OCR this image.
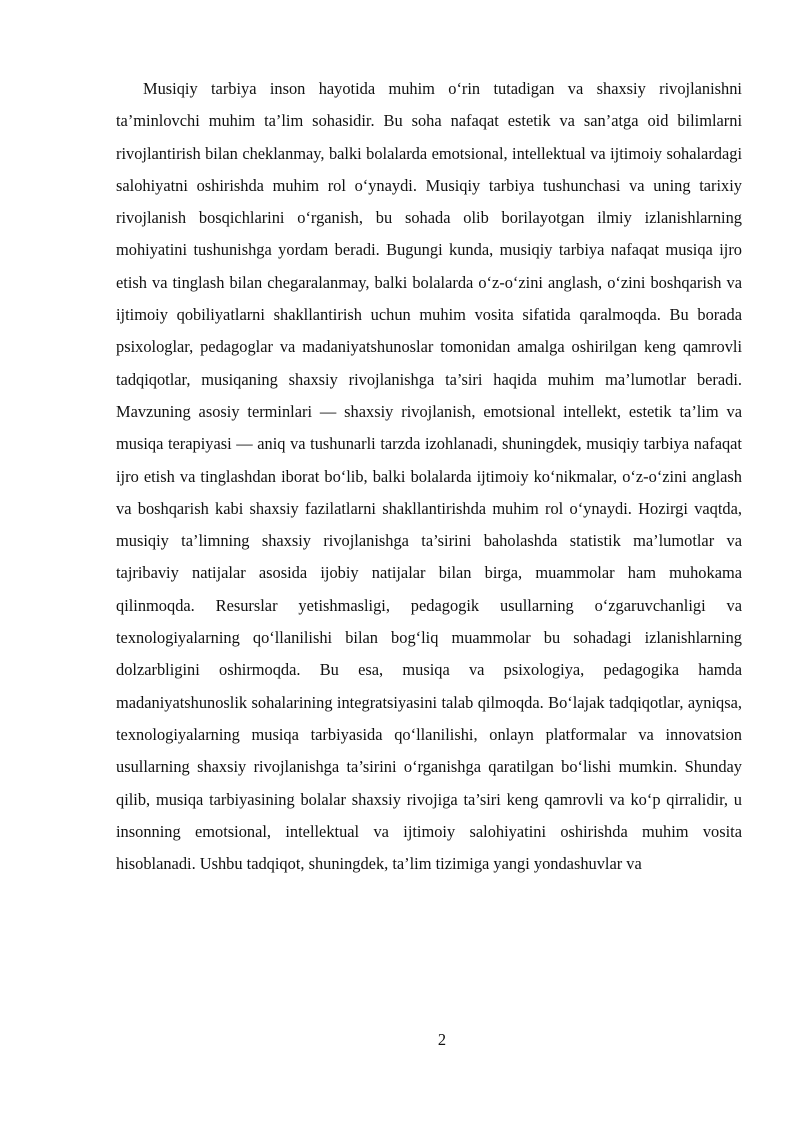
Musiqiy tarbiya inson hayotida muhim o‘rin tutadigan va shaxsiy rivojlanishni ta’minlovchi muhim ta’lim sohasidir. Bu soha nafaqat estetik va san’atga oid bilimlarni rivojlantirish bilan cheklanmay, balki bolalarda emotsional, intellektual va ijtimoiy sohalardagi salohiyatni oshirishda muhim rol o‘ynaydi. Musiqiy tarbiya tushunchasi va uning tarixiy rivojlanish bosqichlarini o‘rganish, bu sohada olib borilayotgan ilmiy izlanishlarning mohiyatini tushunishga yordam beradi. Bugungi kunda, musiqiy tarbiya nafaqat musiqa ijro etish va tinglash bilan chegaralanmay, balki bolalarda o‘z-o‘zini anglash, o‘zini boshqarish va ijtimoiy qobiliyatlarni shakllantirish uchun muhim vosita sifatida qaralmoqda. Bu borada psixologlar, pedagoglar va madaniyatshunoslar tomonidan amalga oshirilgan keng qamrovli tadqiqotlar, musiqaning shaxsiy rivojlanishga ta’siri haqida muhim ma’lumotlar beradi. Mavzuning asosiy terminlari — shaxsiy rivojlanish, emotsional intellekt, estetik ta’lim va musiqa terapiyasi — aniq va tushunarli tarzda izohlanadi, shuningdek, musiqiy tarbiya nafaqat ijro etish va tinglashdan iborat bo‘lib, balki bolalarda ijtimoiy ko‘nikmalar, o‘z-o‘zini anglash va boshqarish kabi shaxsiy fazilatlarni shakllantirishda muhim rol o‘ynaydi. Hozirgi vaqtda, musiqiy ta’limning shaxsiy rivojlanishga ta’sirini baholashda statistik ma’lumotlar va tajribaviy natijalar asosida ijobiy natijalar bilan birga, muammolar ham muhokama qilinmoqda. Resurslar yetishmasligi, pedagogik usullarning o‘zgaruvchanligi va texnologiyalarning qo‘llanilishi bilan bog‘liq muammolar bu sohadagi izlanishlarning dolzarbligini oshirmoqda. Bu esa, musiqa va psixologiya, pedagogika hamda madaniyatshunoslik sohalarining integratsiyasini talab qilmoqda. Bo‘lajak tadqiqotlar, ayniqsa, texnologiyalarning musiqa tarbiyasida qo‘llanilishi, onlayn platformalar va innovatsion usullarning shaxsiy rivojlanishga ta’sirini o‘rganishga qaratilgan bo‘lishi mumkin. Shunday qilib, musiqa tarbiyasining bolalar shaxsiy rivojiga ta’siri keng qamrovli va ko‘p qirralidir, u insonning emotsional, intellektual va ijtimoiy salohiyatini oshirishda muhim vosita hisoblanadi. Ushbu tadqiqot, shuningdek, ta’lim tizimiga yangi yondashuvlar va

2
